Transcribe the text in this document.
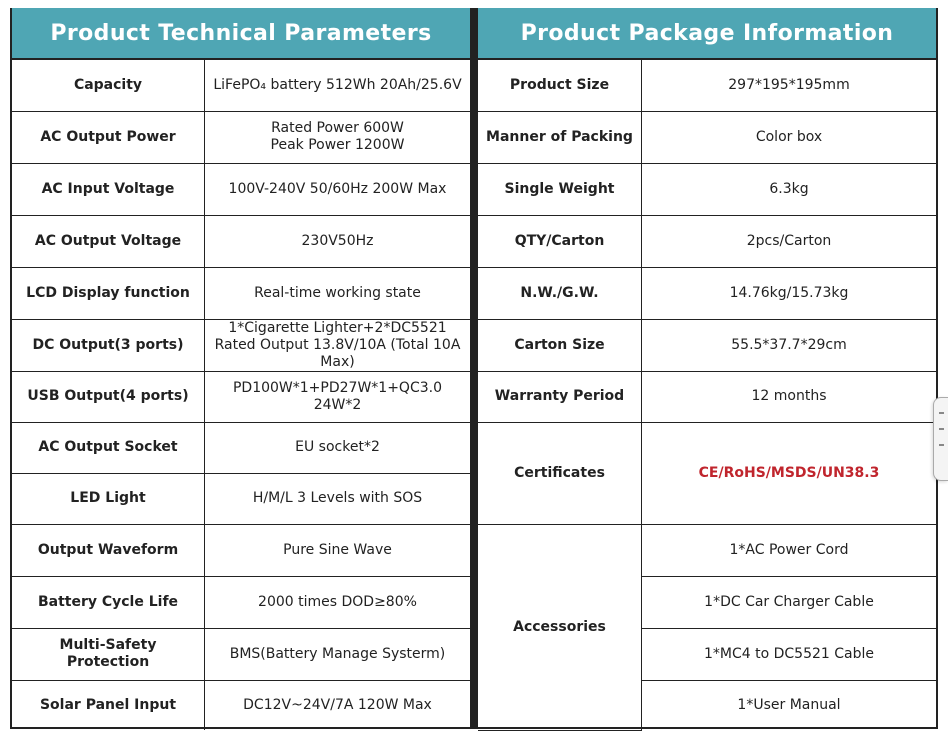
Product Technical Parameters
Capacity	LiFePO₄ battery 512Wh 20Ah/25.6V
AC Output Power	Rated Power 600W
Peak Power 1200W
AC Input Voltage	100V-240V 50/60Hz 200W Max
AC Output Voltage	230V50Hz
LCD Display function	Real-time working state
DC Output(3 ports)	1*Cigarette Lighter+2*DC5521 Rated Output 13.8V/10A (Total 10A Max)
USB Output(4 ports)	PD100W*1+PD27W*1+QC3.0 24W*2
AC Output Socket	EU socket*2
LED Light	H/M/L 3 Levels with SOS
Output Waveform	Pure Sine Wave
Battery Cycle Life	2000 times DOD≥80%
Multi-Safety Protection	BMS(Battery Manage Systerm)
Solar Panel Input	DC12V~24V/7A 120W Max
Product Package Information
Product Size	297*195*195mm
Manner of Packing	Color box
Single Weight	6.3kg
QTY/Carton	2pcs/Carton
N.W./G.W.	14.76kg/15.73kg
Carton Size	55.5*37.7*29cm
Warranty Period	12 months
Certificates	CE/RoHS/MSDS/UN38.3
Accessories	1*AC Power Cord
	1*DC Car Charger Cable
	1*MC4 to DC5521 Cable
	1*User Manual
